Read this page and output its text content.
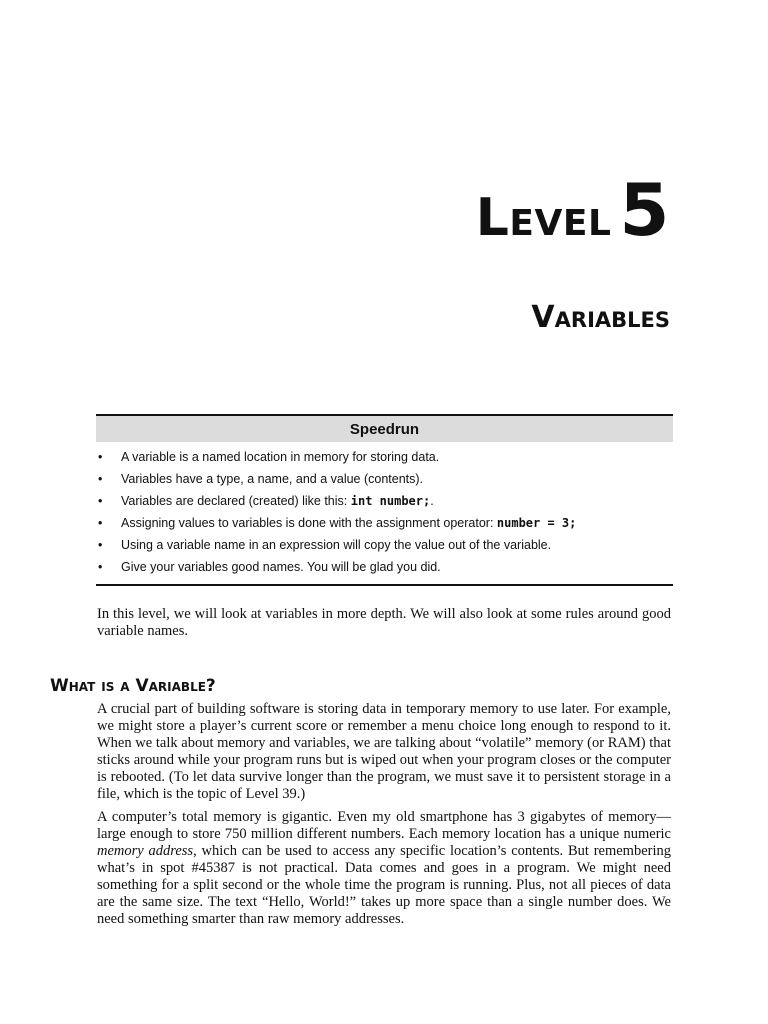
Level 5
Variables
Speedrun
• A variable is a named location in memory for storing data.
• Variables have a type, a name, and a value (contents).
• Variables are declared (created) like this: int number;.
• Assigning values to variables is done with the assignment operator: number = 3;
• Using a variable name in an expression will copy the value out of the variable.
• Give your variables good names. You will be glad you did.

In this level, we will look at variables in more depth. We will also look at some rules around good variable names.

What is a Variable?

A crucial part of building software is storing data in temporary memory to use later. For example, we might store a player’s current score or remember a menu choice long enough to respond to it. When we talk about memory and variables, we are talking about “volatile” memory (or RAM) that sticks around while your program runs but is wiped out when your program closes or the computer is rebooted. (To let data survive longer than the program, we must save it to persistent storage in a file, which is the topic of Level 39.)

A computer’s total memory is gigantic. Even my old smartphone has 3 gigabytes of memory—large enough to store 750 million different numbers. Each memory location has a unique numeric memory address, which can be used to access any specific location’s contents. But remembering what’s in spot #45387 is not practical. Data comes and goes in a program. We might need something for a split second or the whole time the program is running. Plus, not all pieces of data are the same size. The text “Hello, World!” takes up more space than a single number does. We need something smarter than raw memory addresses.
